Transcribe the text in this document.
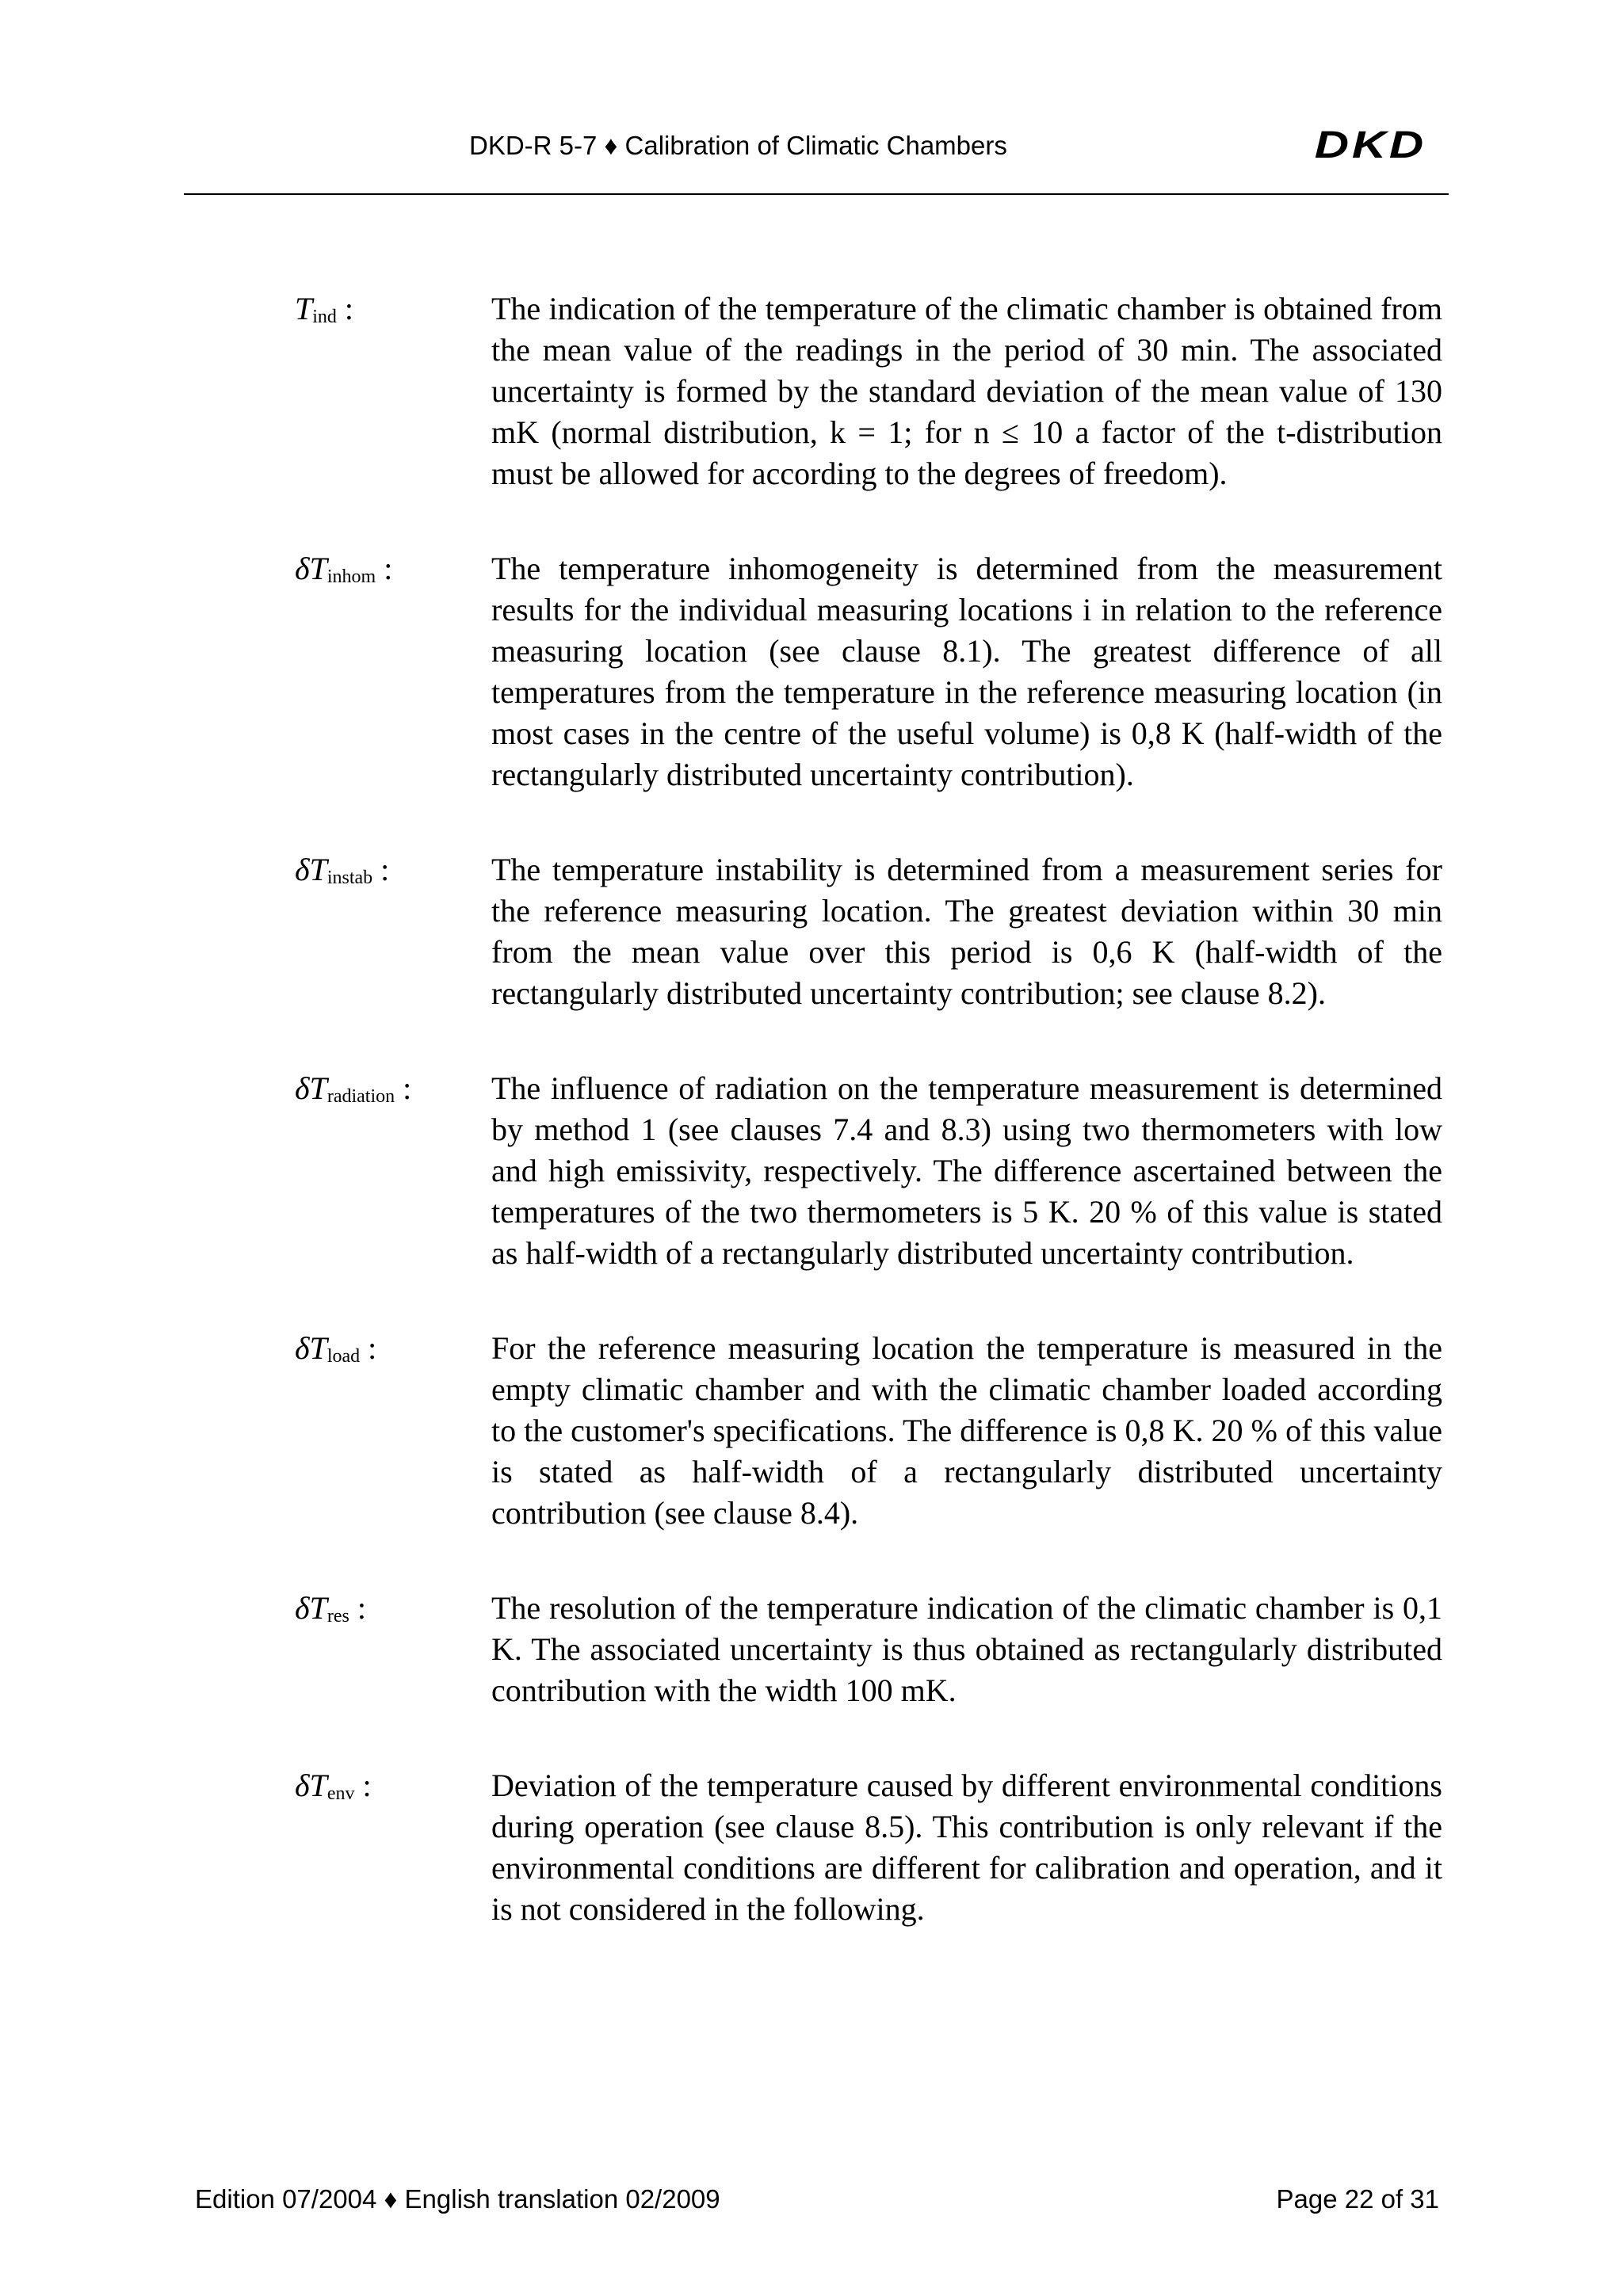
DKD-R 5-7 ♦ Calibration of Climatic Chambers	DKD
$T_{ind}$ :	The indication of the temperature of the climatic chamber is obtained from the mean value of the readings in the period of 30 min. The associated uncertainty is formed by the standard deviation of the mean value of 130 mK (normal distribution, k = 1; for n ≤ 10 a factor of the t-distribution must be allowed for according to the degrees of freedom).
$\delta T_{inhom}$ :	The temperature inhomogeneity is determined from the measurement results for the individual measuring locations i in relation to the reference measuring location (see clause 8.1). The greatest difference of all temperatures from the temperature in the reference measuring location (in most cases in the centre of the useful volume) is 0,8 K (half-width of the rectangularly distributed uncertainty contribution).
$\delta T_{instab}$ :	The temperature instability is determined from a measurement series for the reference measuring location. The greatest deviation within 30 min from the mean value over this period is 0,6 K (half-width of the rectangularly distributed uncertainty contribution; see clause 8.2).
$\delta T_{radiation}$ :	The influence of radiation on the temperature measurement is determined by method 1 (see clauses 7.4 and 8.3) using two thermometers with low and high emissivity, respectively. The difference ascertained between the temperatures of the two thermometers is 5 K. 20 % of this value is stated as half-width of a rectangularly distributed uncertainty contribution.
$\delta T_{load}$ :	For the reference measuring location the temperature is measured in the empty climatic chamber and with the climatic chamber loaded according to the customer's specifications. The difference is 0,8 K. 20 % of this value is stated as half-width of a rectangularly distributed uncertainty contribution (see clause 8.4).
$\delta T_{res}$ :	The resolution of the temperature indication of the climatic chamber is 0,1 K. The associated uncertainty is thus obtained as rectangularly distributed contribution with the width 100 mK.
$\delta T_{env}$ :	Deviation of the temperature caused by different environmental conditions during operation (see clause 8.5). This contribution is only relevant if the environmental conditions are different for calibration and operation, and it is not considered in the following.
Edition 07/2004 ♦ English translation 02/2009	Page 22 of 31
